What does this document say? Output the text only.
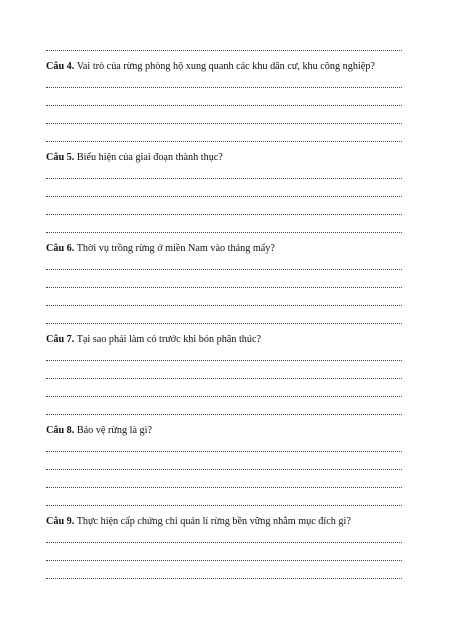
Câu 4. Vai trò của rừng phòng hộ xung quanh các khu dân cư, khu công nghiệp?
Câu 5. Biểu hiện của giai đoạn thành thục?
Câu 6. Thời vụ trồng rừng ở miền Nam vào tháng mấy?
Câu 7. Tại sao phải làm cỏ trước khi bón phân thúc?
Câu 8. Bảo vệ rừng là gì?
Câu 9. Thực hiện cấp chứng chỉ quản lí rừng bền vững nhằm mục đích gì?
